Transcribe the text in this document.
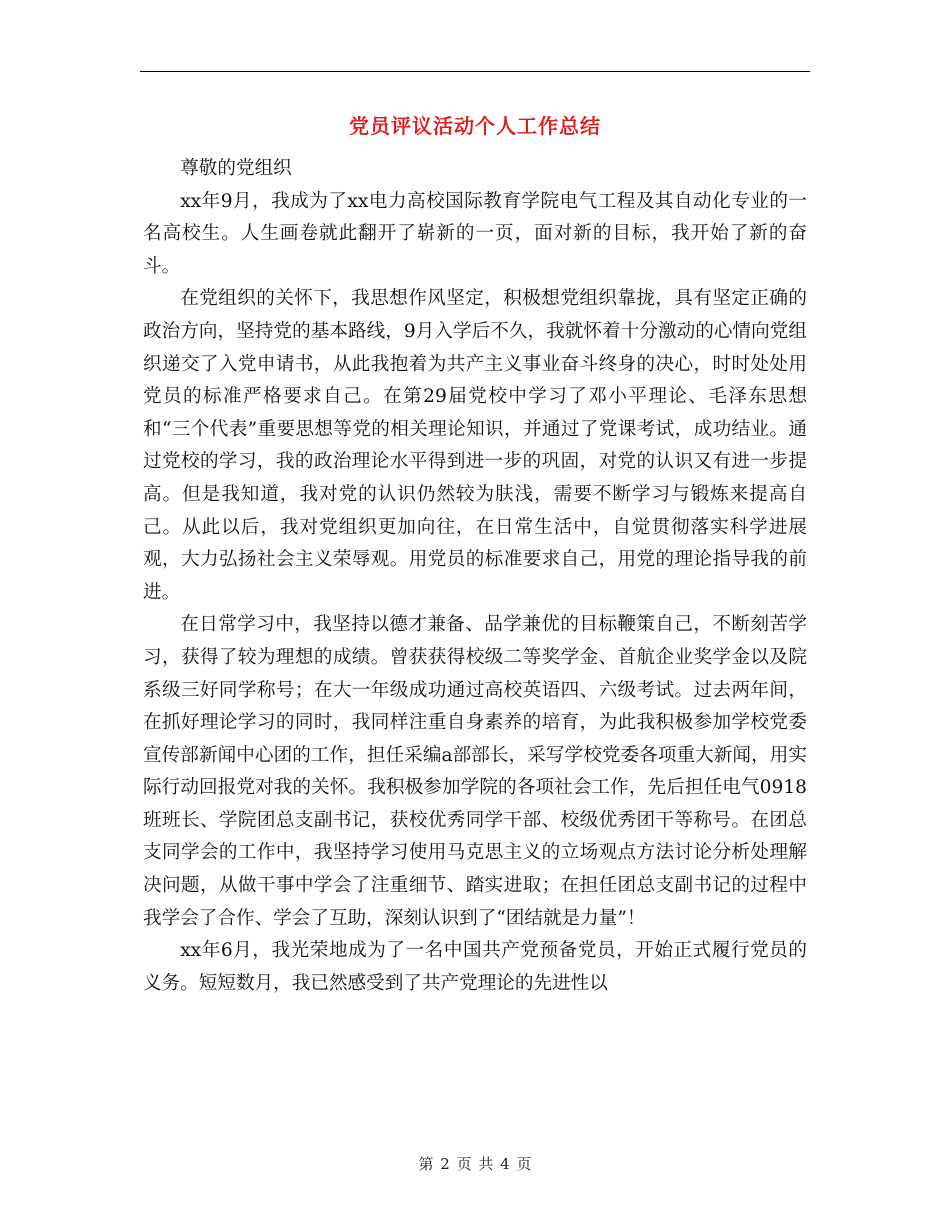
党员评议活动个人工作总结

尊敬的党组织

xx年9月，我成为了xx电力高校国际教育学院电气工程及其自动化专业的一名高校生。人生画卷就此翻开了崭新的一页，面对新的目标，我开始了新的奋斗。

在党组织的关怀下，我思想作风坚定，积极想党组织靠拢，具有坚定正确的政治方向，坚持党的基本路线，9月入学后不久，我就怀着十分激动的心情向党组织递交了入党申请书，从此我抱着为共产主义事业奋斗终身的决心，时时处处用党员的标准严格要求自己。在第29届党校中学习了邓小平理论、毛泽东思想和“三个代表”重要思想等党的相关理论知识，并通过了党课考试，成功结业。通过党校的学习，我的政治理论水平得到进一步的巩固，对党的认识又有进一步提高。但是我知道，我对党的认识仍然较为肤浅，需要不断学习与锻炼来提高自己。从此以后，我对党组织更加向往，在日常生活中，自觉贯彻落实科学进展观，大力弘扬社会主义荣辱观。用党员的标准要求自己，用党的理论指导我的前进。

在日常学习中，我坚持以德才兼备、品学兼优的目标鞭策自己，不断刻苦学习，获得了较为理想的成绩。曾获获得校级二等奖学金、首航企业奖学金以及院系级三好同学称号；在大一年级成功通过高校英语四、六级考试。过去两年间，在抓好理论学习的同时，我同样注重自身素养的培育，为此我积极参加学校党委宣传部新闻中心团的工作，担任采编a部部长，采写学校党委各项重大新闻，用实际行动回报党对我的关怀。我积极参加学院的各项社会工作，先后担任电气0918班班长、学院团总支副书记，获校优秀同学干部、校级优秀团干等称号。在团总支同学会的工作中，我坚持学习使用马克思主义的立场观点方法讨论分析处理解决问题，从做干事中学会了注重细节、踏实进取；在担任团总支副书记的过程中我学会了合作、学会了互助，深刻认识到了“团结就是力量”！

xx年6月，我光荣地成为了一名中国共产党预备党员，开始正式履行党员的义务。短短数月，我已然感受到了共产党理论的先进性以

第 2 页 共 4 页
